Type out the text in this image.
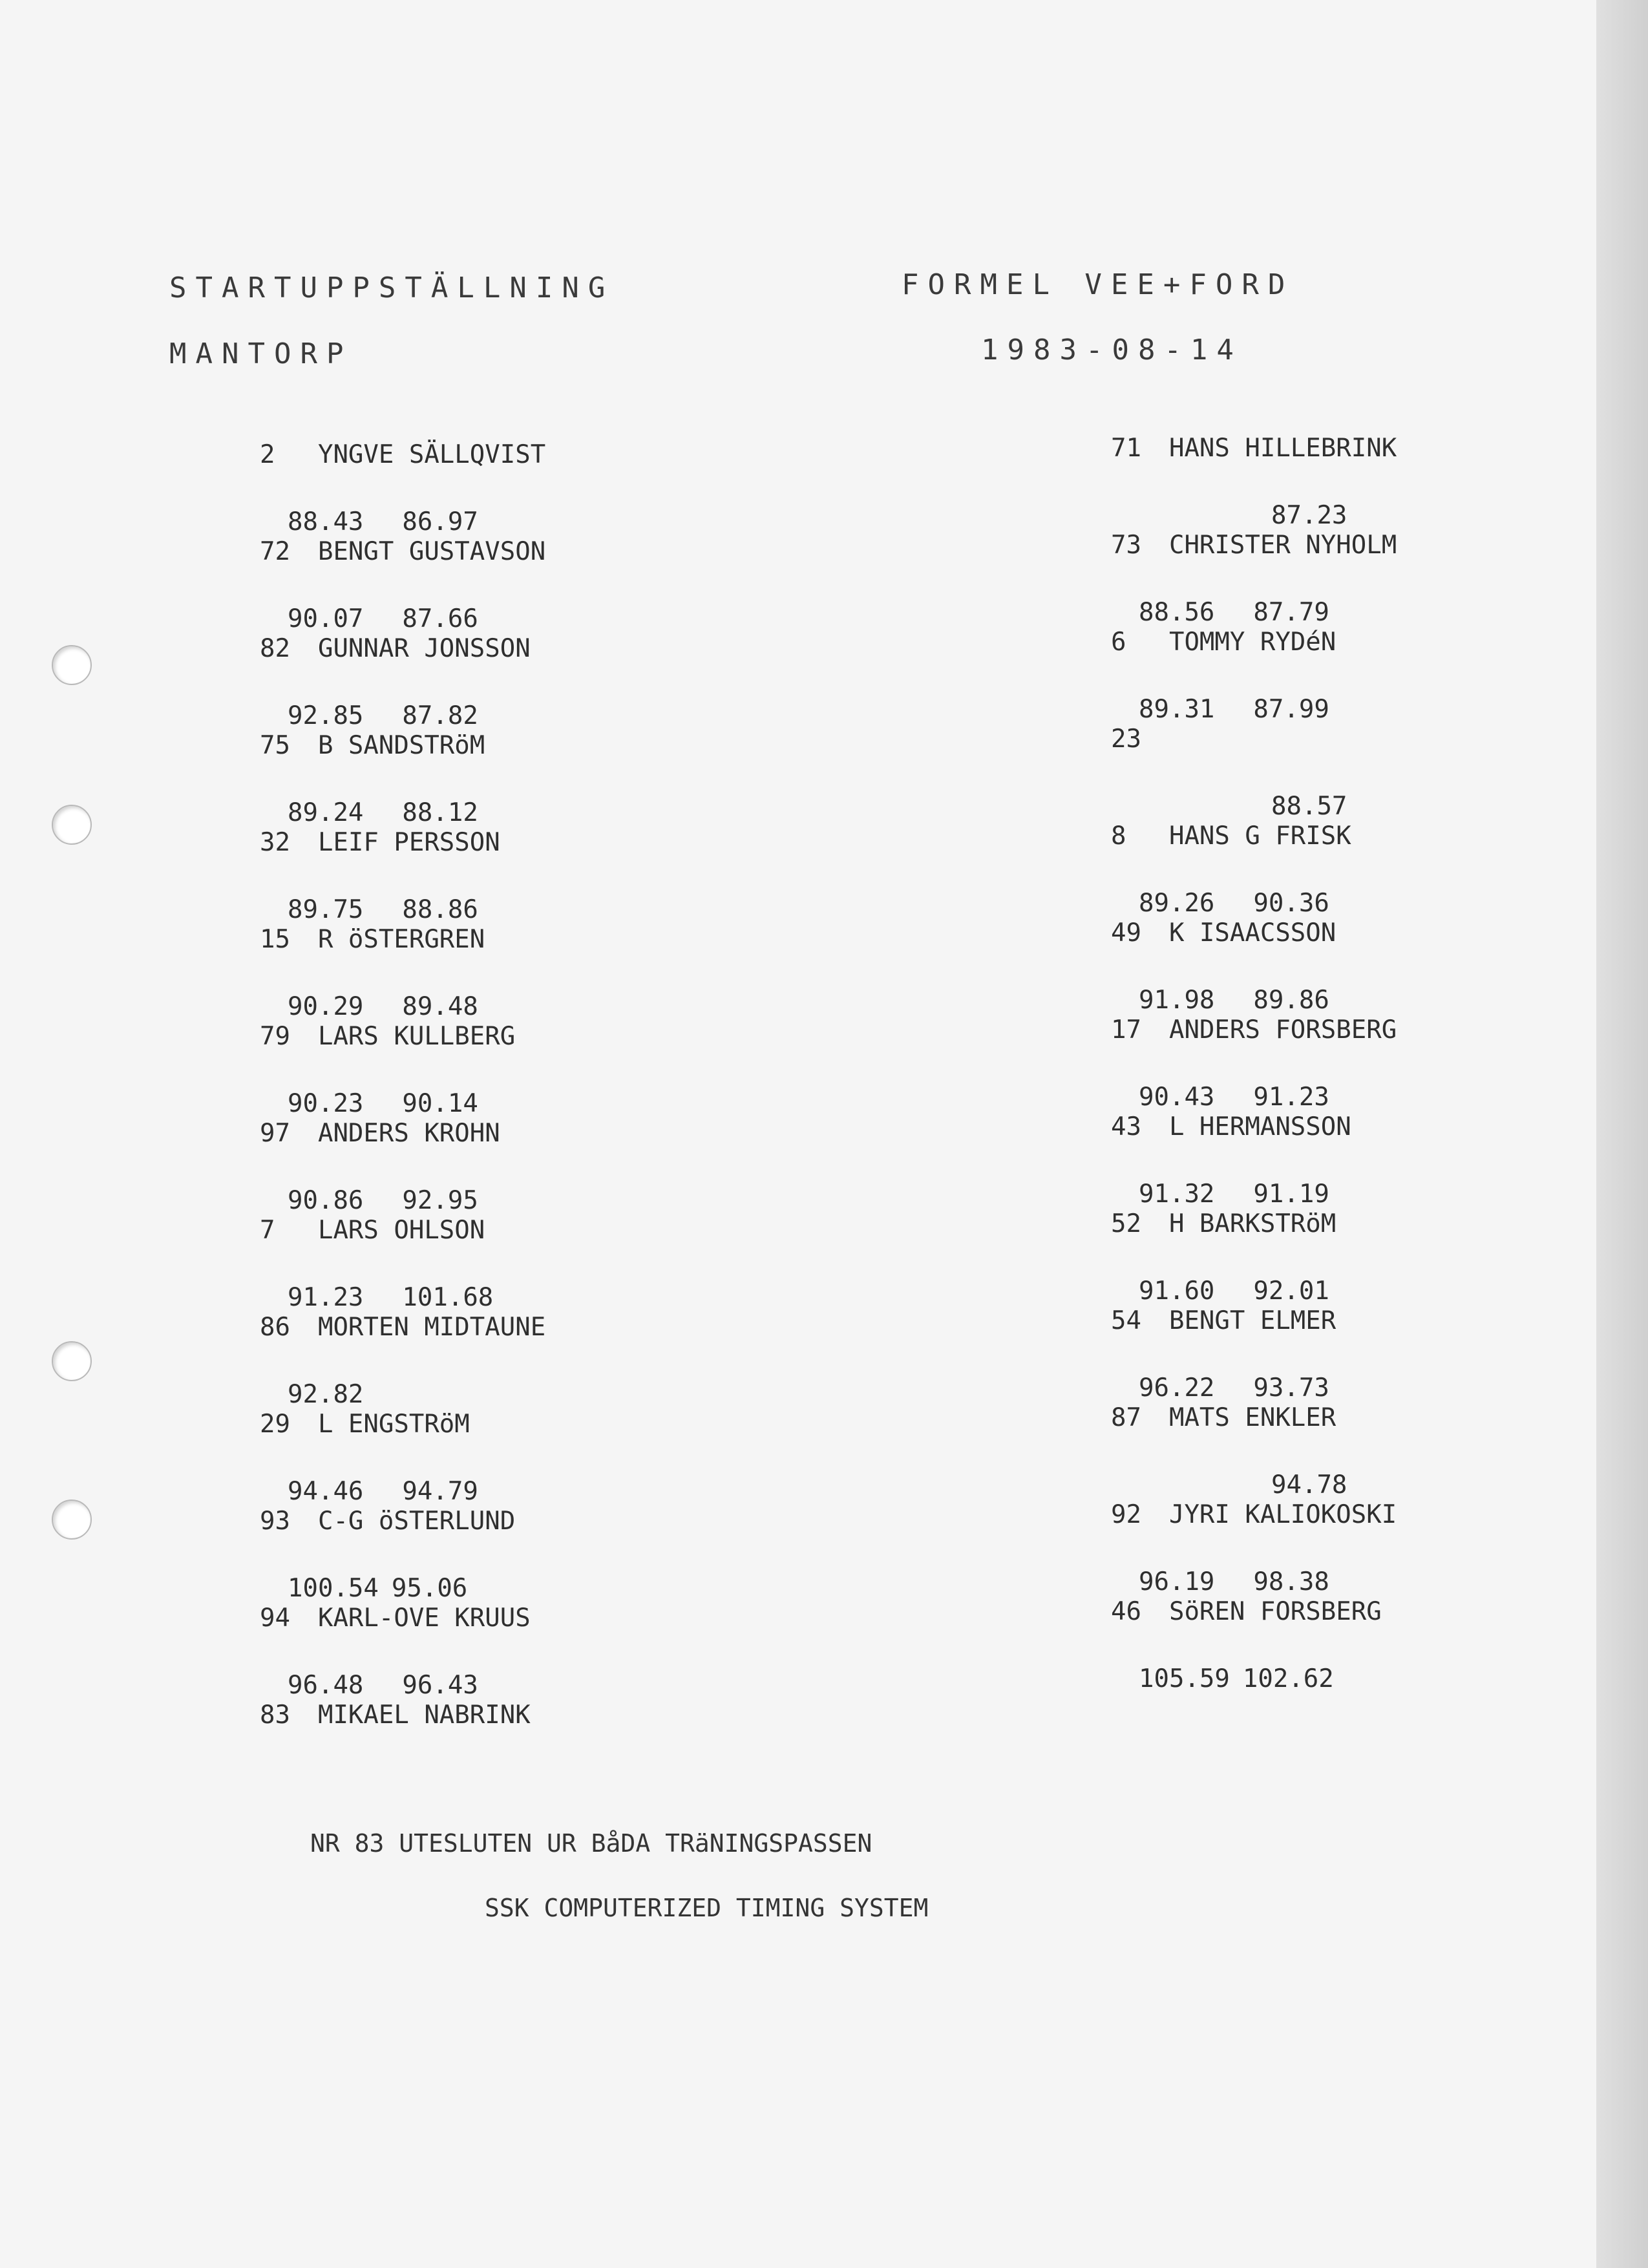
STARTUPPSTÄLLNING	FORMEL VEE+FORD
MANTORP	1983-08-14

2 YNGVE SÄLLQVIST

88.43 86.97

72 BENGT GUSTAVSON

90.07 87.66

82 GUNNAR JONSSON

92.85 87.82

75 B SANDSTRöM

89.24 88.12

32 LEIF PERSSON

89.75 88.86

15 R öSTERGREN

90.29 89.48

79 LARS KULLBERG

90.23 90.14

97 ANDERS KROHN

90.86 92.95

7 LARS OHLSON

91.23 101.68

86 MORTEN MIDTAUNE

92.82

29 L ENGSTRöM

94.46 94.79

93 C-G öSTERLUND

100.54 95.06

94 KARL-OVE KRUUS

96.48 96.43

83 MIKAEL NABRINK

71 HANS HILLEBRINK

87.23

73 CHRISTER NYHOLM

88.56 87.79

6 TOMMY RYDéN

89.31 87.99

23

88.57

8 HANS G FRISK

89.26 90.36

49 K ISAACSSON

91.98 89.86

17 ANDERS FORSBERG

90.43 91.23

43 L HERMANSSON

91.32 91.19

52 H BARKSTRöM

91.60 92.01

54 BENGT ELMER

96.22 93.73

87 MATS ENKLER

94.78

92 JYRI KALIOKOSKI

96.19 98.38

46 SöREN FORSBERG

105.59 102.62

NR 83 UTESLUTEN UR BåDA TRäNINGSPASSEN
SSK COMPUTERIZED TIMING SYSTEM
